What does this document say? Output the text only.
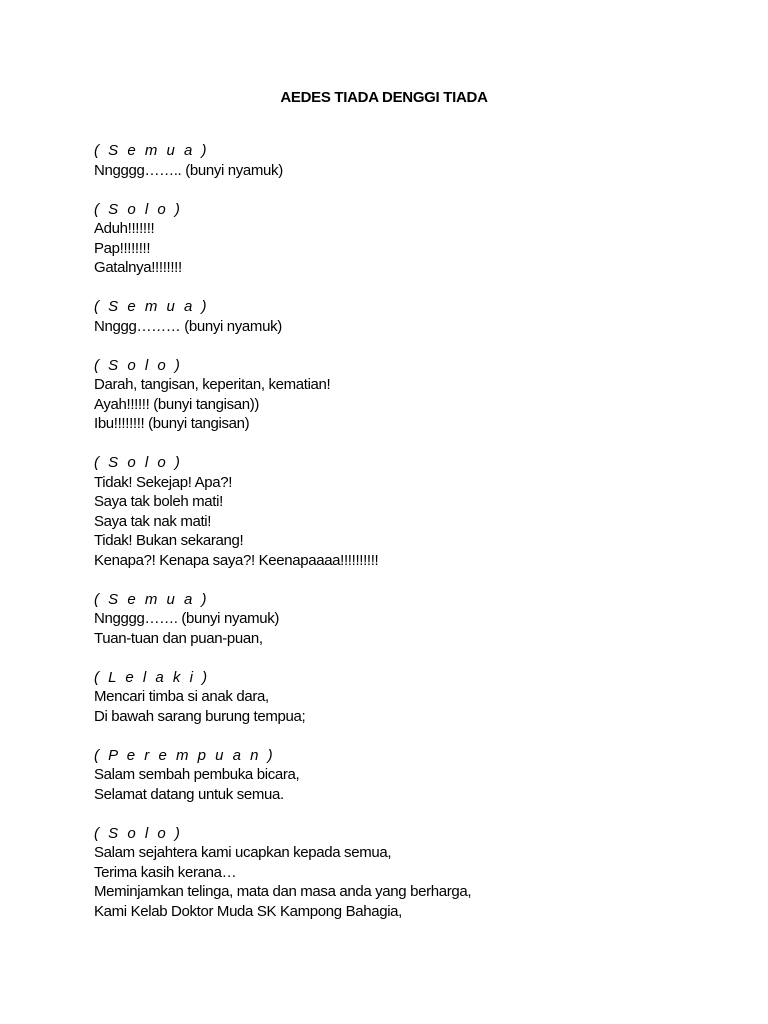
AEDES TIADA DENGGI TIADA
( S e m u a )
Nngggg…….. (bunyi nyamuk)
( S o l o )
Aduh!!!!!!!
Pap!!!!!!!!
Gatalnya!!!!!!!!
( S e m u a )
Nnggg……… (bunyi nyamuk)
( S o l o )
Darah, tangisan, keperitan, kematian!
Ayah!!!!!! (bunyi tangisan))
Ibu!!!!!!!! (bunyi tangisan)
( S o l o )
Tidak! Sekejap! Apa?!
Saya tak boleh mati!
Saya tak nak mati!
Tidak! Bukan sekarang!
Kenapa?! Kenapa saya?! Keenapaaaa!!!!!!!!!!
( S e m u a )
Nngggg……. (bunyi nyamuk)
Tuan-tuan dan puan-puan,
( L e l a k i )
Mencari timba si anak dara,
Di bawah sarang burung tempua;
( P e r e m p u a n )
Salam sembah pembuka bicara,
Selamat datang untuk semua.
( S o l o )
Salam sejahtera kami ucapkan kepada semua,
Terima kasih kerana…
Meminjamkan telinga, mata dan masa anda yang berharga,
Kami Kelab Doktor Muda SK Kampong Bahagia,
